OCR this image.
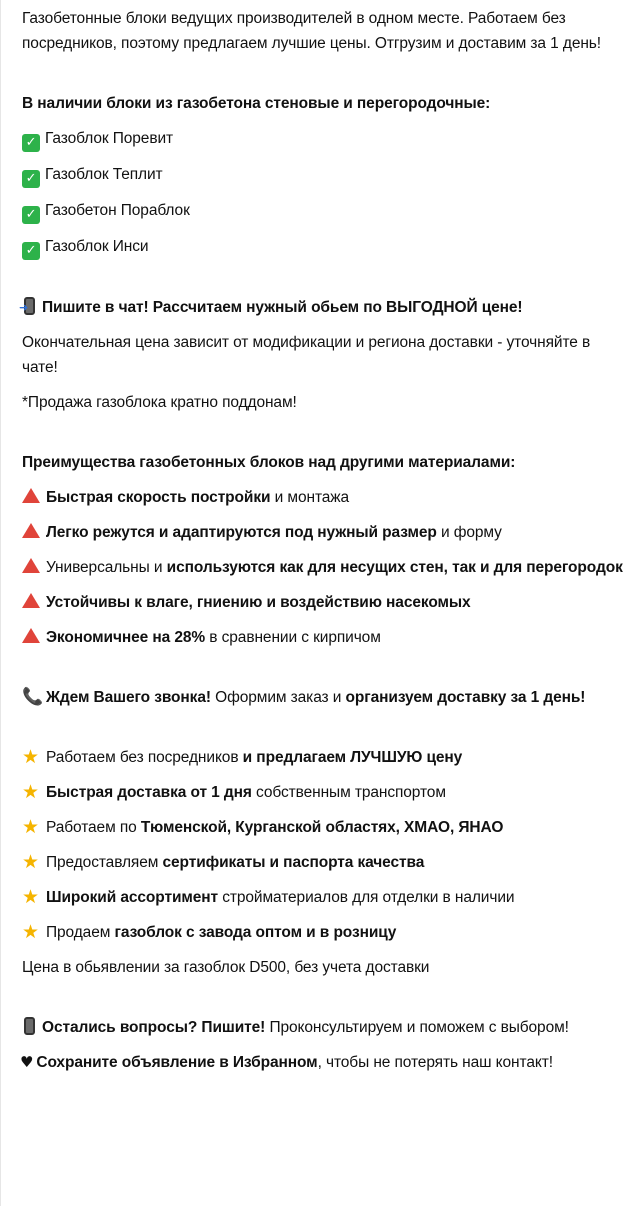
Газобетонные блоки ведущих производителей в одном месте. Работаем без посредников, поэтому предлагаем лучшие цены. Отгрузим и доставим за 1 день!
В наличии блоки из газобетона стеновые и перегородочные:
✓ Газоблок Поревит
✓ Газоблок Теплит
✓ Газобетон Пораблок
✓ Газоблок Инси
➜ Пишите в чат! Рассчитаем нужный обьем по ВЫГОДНОЙ цене!
Окончательная цена зависит от модификации и региона доставки - уточняйте в чате!
*Продажа газоблока кратно поддонам!
Преимущества газобетонных блоков над другими материалами:
Быстрая скорость постройки и монтажа
Легко режутся и адаптируются под нужный размер и форму
Универсальны и используются как для несущих стен, так и для перегородок
Устойчивы к влаге, гниению и воздействию насекомых
Экономичнее на 28% в сравнении с кирпичом
📞 Ждем Вашего звонка! Оформим заказ и организуем доставку за 1 день!
★ Работаем без посредников и предлагаем ЛУЧШУЮ цену
★ Быстрая доставка от 1 дня собственным транспортом
★ Работаем по Тюменской, Курганской областях, ХМАО, ЯНАО
★ Предоставляем сертификаты и паспорта качества
★ Широкий ассортимент стройматериалов для отделки в наличии
★ Продаем газоблок с завода оптом и в розницу
Цена в обьявлении за газоблок D500, без учета доставки
Остались вопросы? Пишите! Проконсультируем и поможем с выбором!
♥ Сохраните объявление в Избранном, чтобы не потерять наш контакт!
